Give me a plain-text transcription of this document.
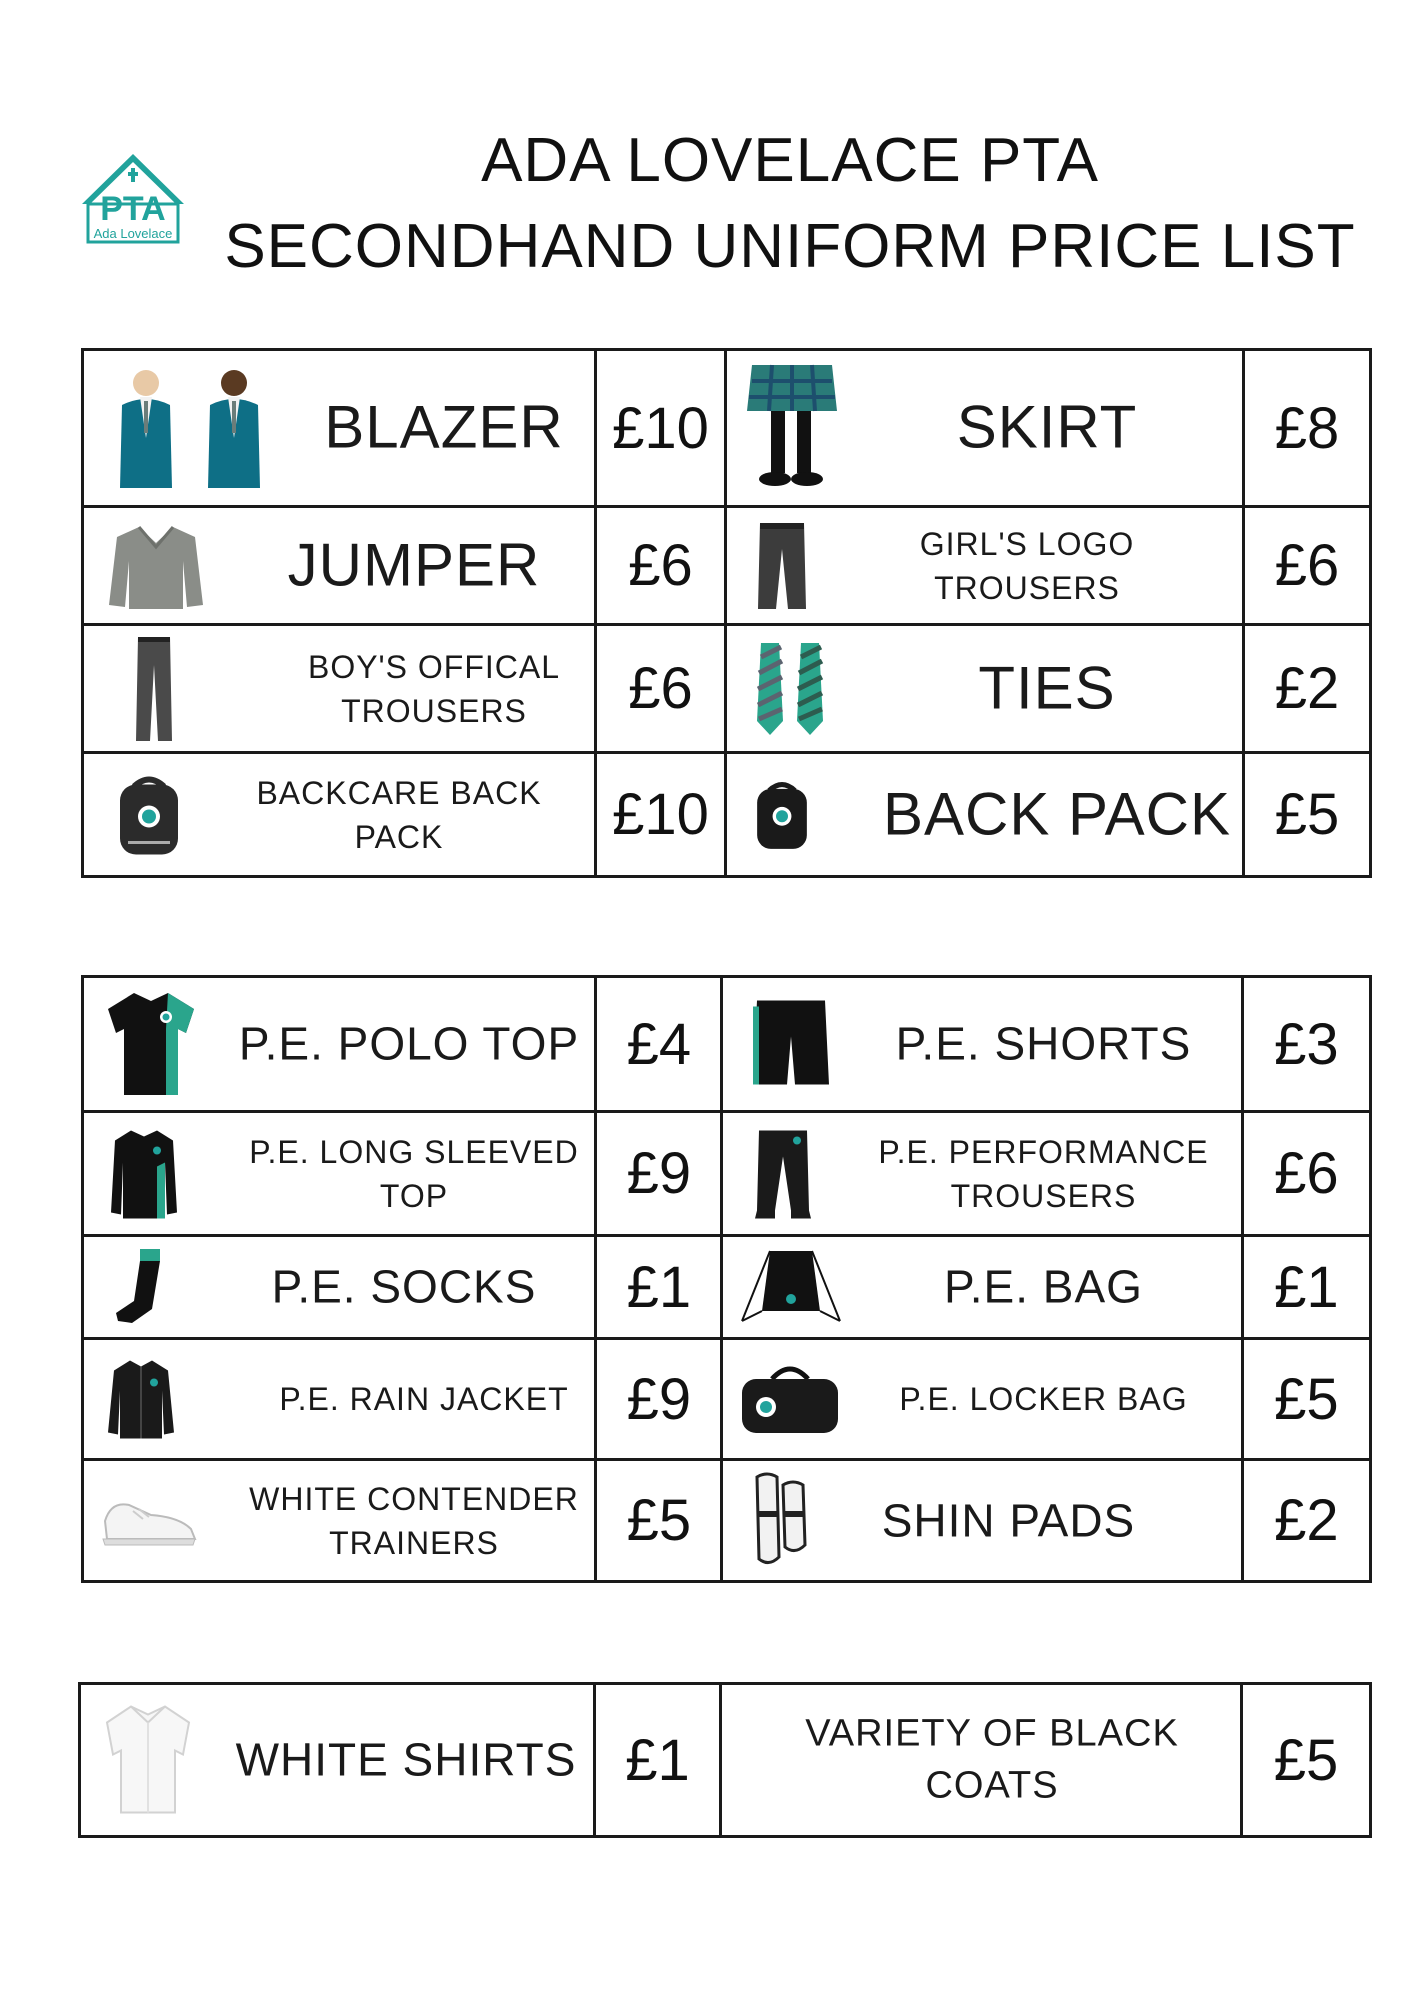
PTA
Ada Lovelace
ADA LOVELACE PTA
SECONDHAND UNIFORM PRICE LIST
BLAZER	£10	SKIRT	£8

JUMPER	£6	GIRL'S LOGO TROUSERS	£6

BOY'S OFFICAL TROUSERS	£6	TIES	£2

BACKCARE BACK PACK	£10	BACK PACK	£5
P.E. POLO TOP	£4	P.E. SHORTS	£3

P.E. LONG SLEEVED TOP	£9	P.E. PERFORMANCE TROUSERS	£6

P.E. SOCKS	£1	P.E. BAG	£1

P.E. RAIN JACKET	£9	P.E. LOCKER BAG	£5

WHITE CONTENDER TRAINERS	£5	SHIN PADS	£2
WHITE SHIRTS	£1	VARIETY OF BLACK COATS	£5
